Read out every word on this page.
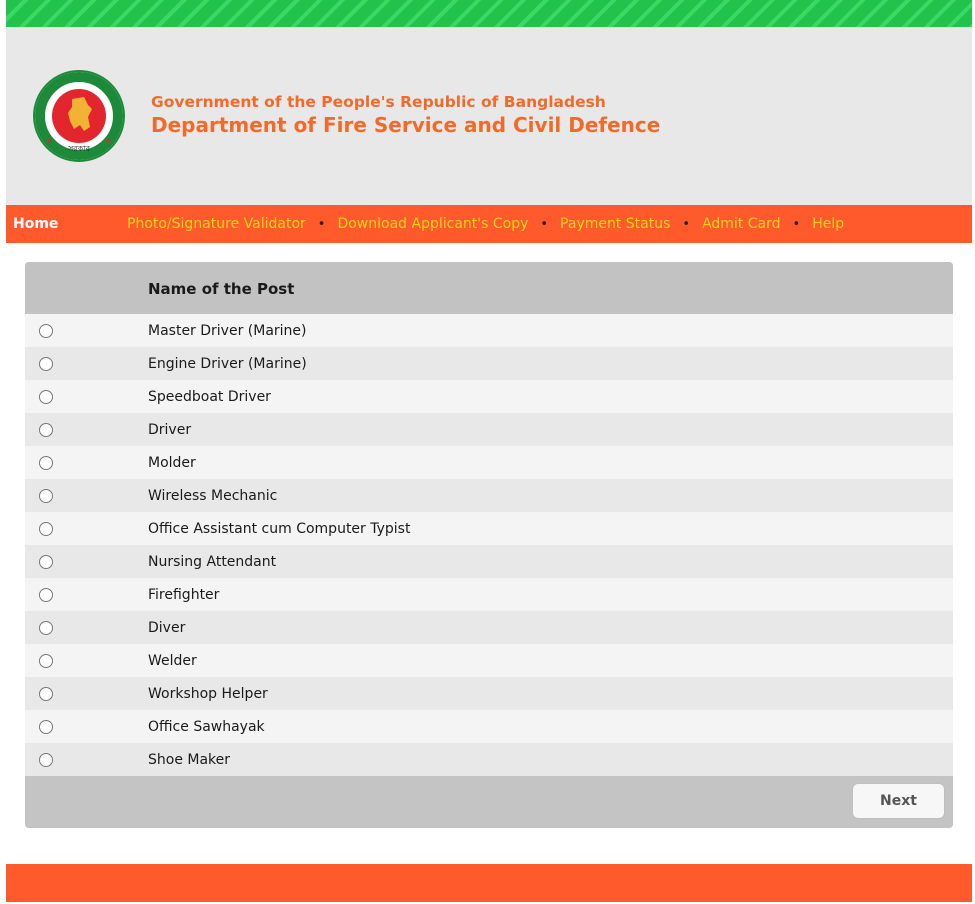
সরকার
★	★
Government of the People's Republic of Bangladesh
Department of Fire Service and Civil Defence
Home	Photo/Signature Validator • Download Applicant's Copy • Payment Status • Admit Card • Help
Name of the Post
Master Driver (Marine)
Engine Driver (Marine)
Speedboat Driver
Driver
Molder
Wireless Mechanic
Office Assistant cum Computer Typist
Nursing Attendant
Firefighter
Diver
Welder
Workshop Helper
Office Sawhayak
Shoe Maker
Next
